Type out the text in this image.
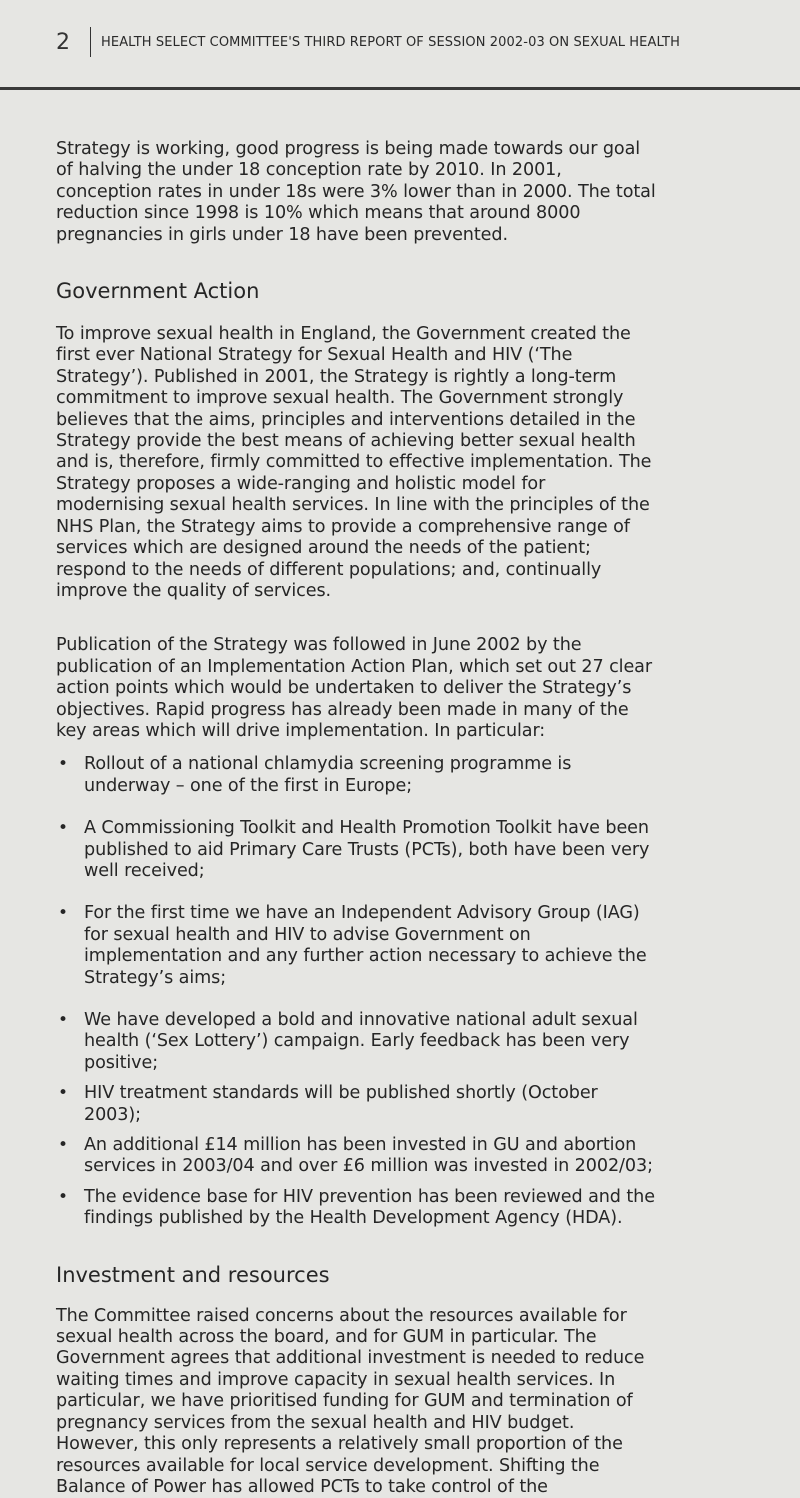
2	HEALTH SELECT COMMITTEE'S THIRD REPORT OF SESSION 2002-03 ON SEXUAL HEALTH

Strategy is working, good progress is being made towards our goal of halving the under 18 conception rate by 2010. In 2001, conception rates in under 18s were 3% lower than in 2000. The total reduction since 1998 is 10% which means that around 8000 pregnancies in girls under 18 have been prevented.

Government Action

To improve sexual health in England, the Government created the first ever National Strategy for Sexual Health and HIV (‘The Strategy’). Published in 2001, the Strategy is rightly a long-term commitment to improve sexual health. The Government strongly believes that the aims, principles and interventions detailed in the Strategy provide the best means of achieving better sexual health and is, therefore, firmly committed to effective implementation. The Strategy proposes a wide-ranging and holistic model for modernising sexual health services. In line with the principles of the NHS Plan, the Strategy aims to provide a comprehensive range of services which are designed around the needs of the patient; respond to the needs of different populations; and, continually improve the quality of services.

Publication of the Strategy was followed in June 2002 by the publication of an Implementation Action Plan, which set out 27 clear action points which would be undertaken to deliver the Strategy’s objectives. Rapid progress has already been made in many of the key areas which will drive implementation. In particular:

• Rollout of a national chlamydia screening programme is underway – one of the first in Europe;
• A Commissioning Toolkit and Health Promotion Toolkit have been published to aid Primary Care Trusts (PCTs), both have been very well received;
• For the first time we have an Independent Advisory Group (IAG) for sexual health and HIV to advise Government on implementation and any further action necessary to achieve the Strategy’s aims;
• We have developed a bold and innovative national adult sexual health (‘Sex Lottery’) campaign. Early feedback has been very positive;
• HIV treatment standards will be published shortly (October 2003);
• An additional £14 million has been invested in GU and abortion services in 2003/04 and over £6 million was invested in 2002/03;
• The evidence base for HIV prevention has been reviewed and the findings published by the Health Development Agency (HDA).
Investment and resources

The Committee raised concerns about the resources available for sexual health across the board, and for GUM in particular. The Government agrees that additional investment is needed to reduce waiting times and improve capacity in sexual health services. In particular, we have prioritised funding for GUM and termination of pregnancy services from the sexual health and HIV budget. However, this only represents a relatively small proportion of the resources available for local service development. Shifting the Balance of Power has allowed PCTs to take control of the
